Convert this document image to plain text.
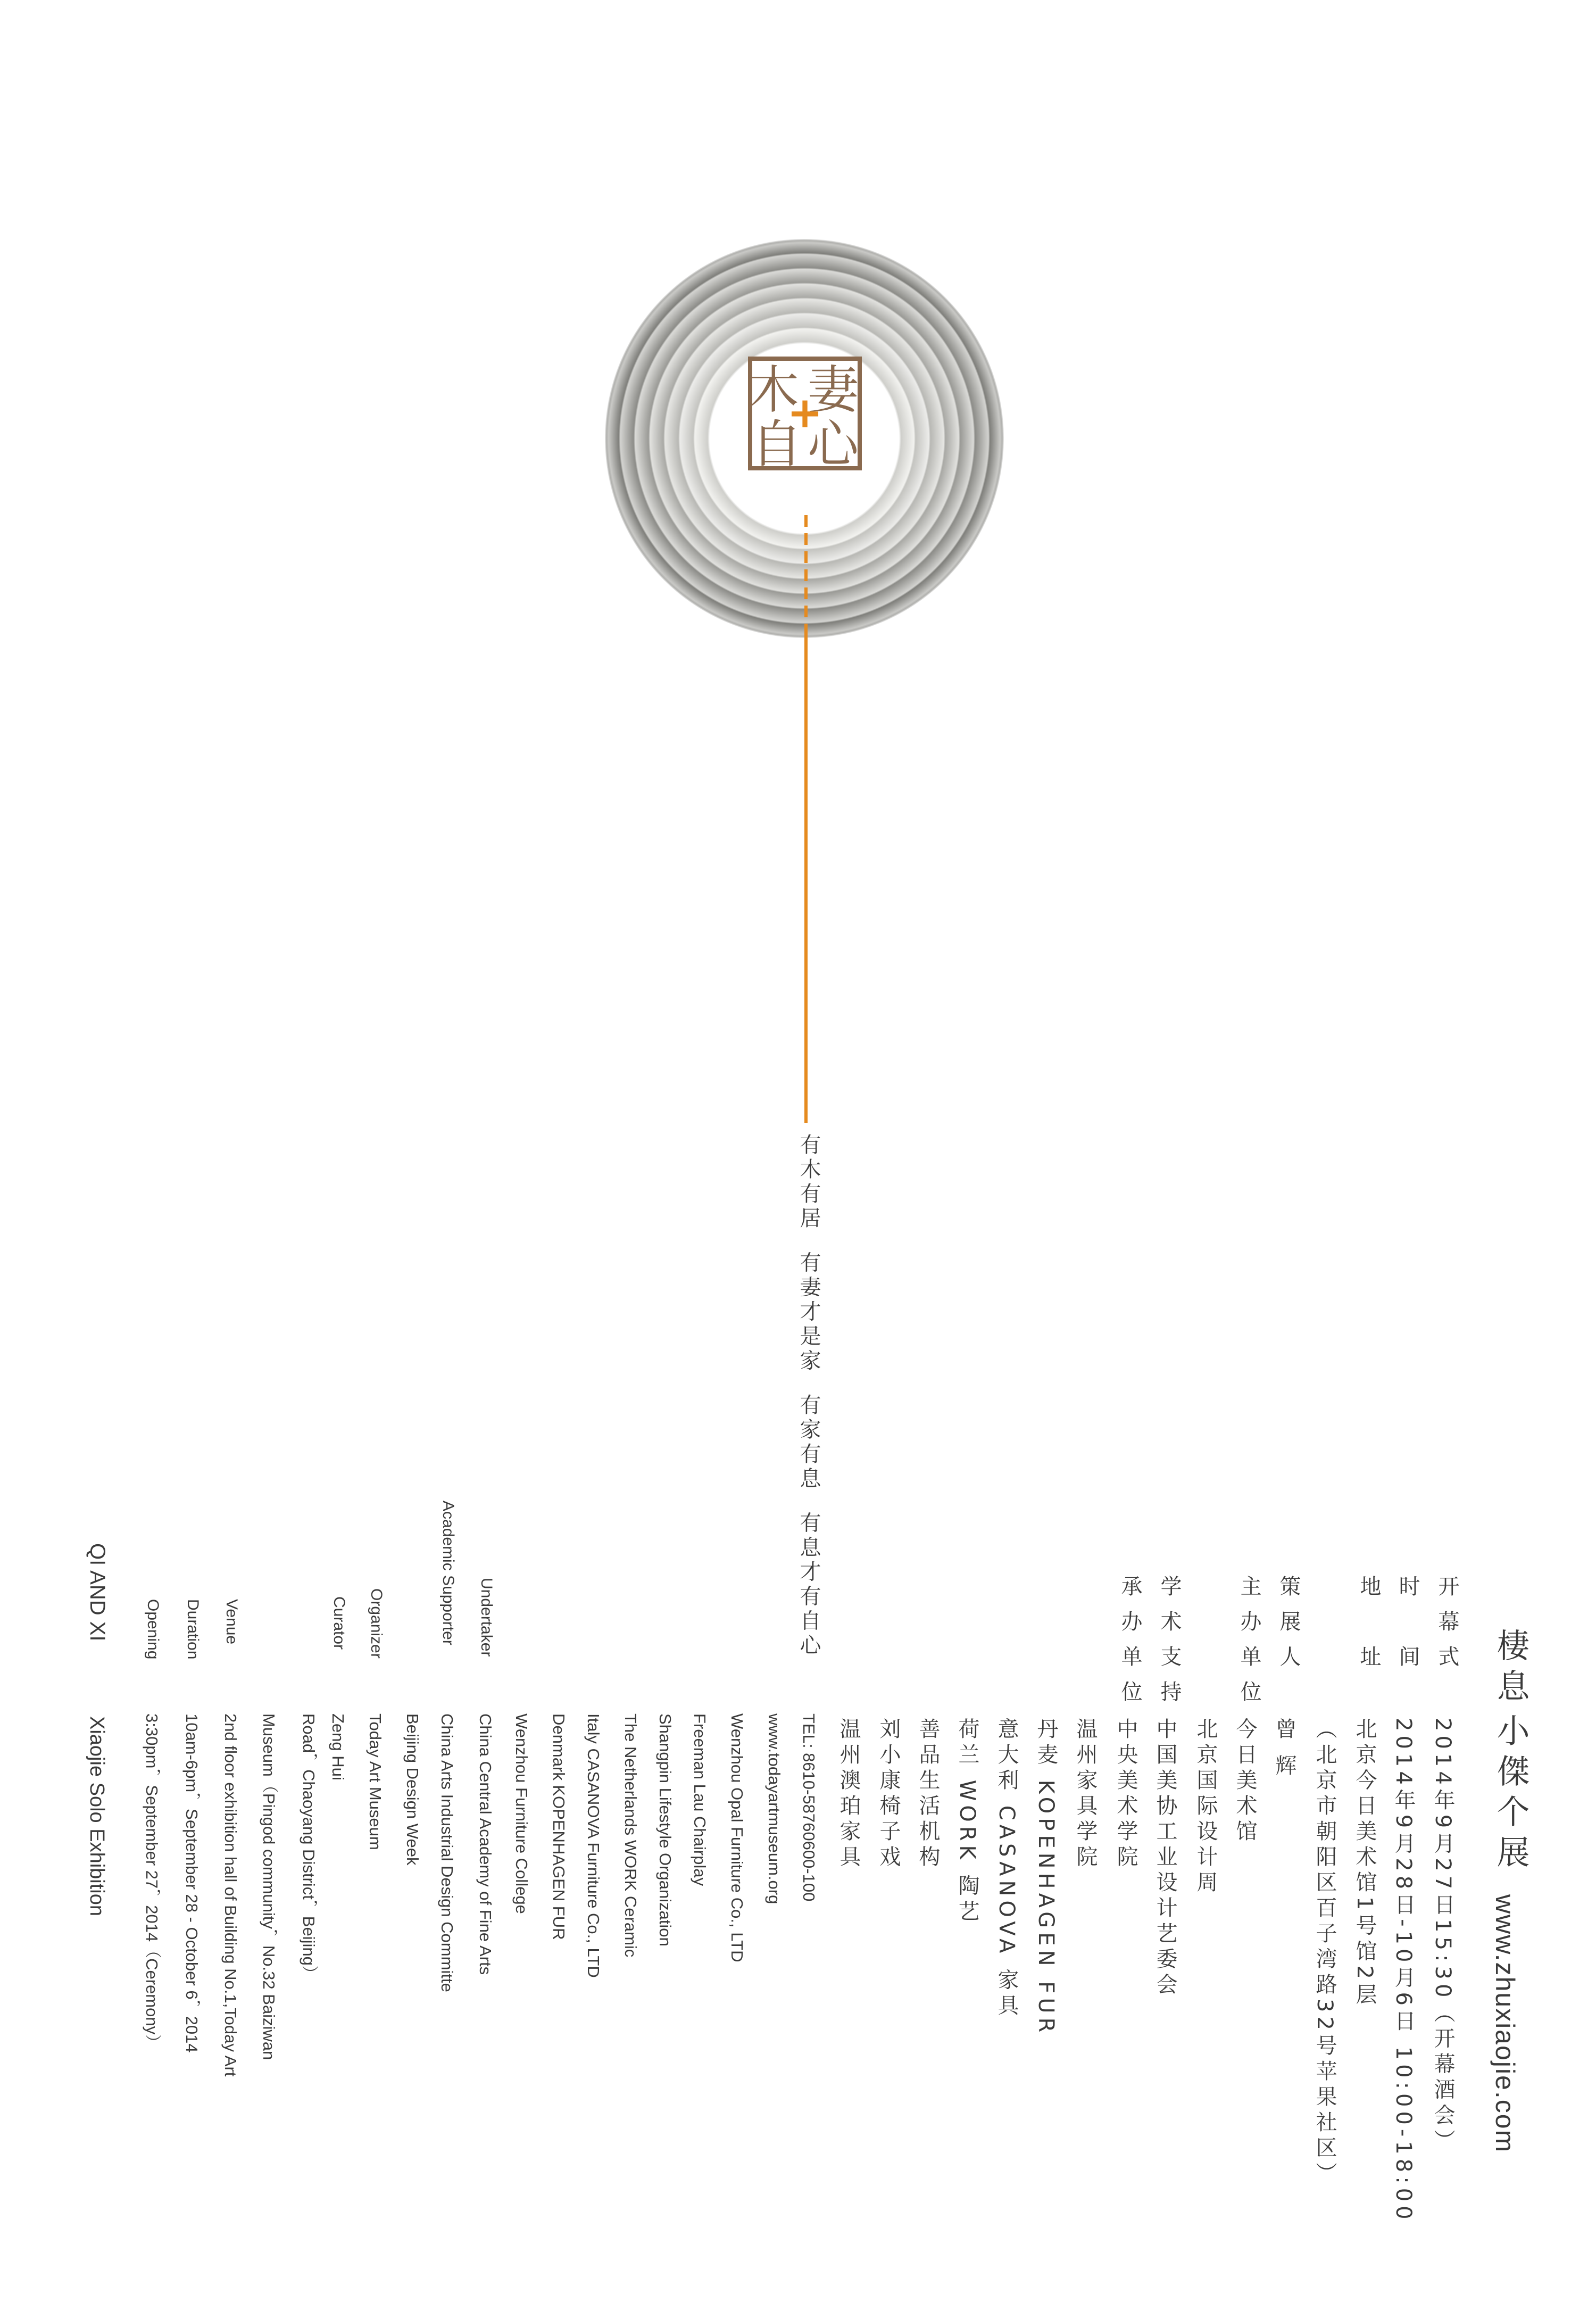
木 妻
自 心
+
有木有居  有妻才是家  有家有息  有息才有自心
棲息
小傑个展
www.zhuxiaojie.com
开幕式
时　间
地　址
策展人
主办单位
学术支持
承办单位
2014年9月27日15:30（开幕酒会）
2014年9月28日-10月6日 10:00-18:00
北京今日美术馆1号馆2层
（北京市朝阳区百子湾路32号苹果社区）
曾 辉
今日美术馆
北京国际设计周
中国美协工业设计艺委会
中央美术学院
温州家具学院
丹麦 KOPENHAGEN FUR
意大利 CASANOVA 家具
荷兰 WORK 陶艺
善品生活机构
刘小康椅子戏
温州澳珀家具
QI AND XI
Xiaojie Solo Exhibition
Opening Duration Venue	Curator Organizer	Academic Supporter Undertaker
3:30pm，September 27，2014（Ceremony） 10am-6pm，September 28 - October 6，2014 2nd floor exhibition hall of Building No.1,Today Art Museum（Pingod community，No.32 Baiziwan Road，Chaoyang District，Beijing） Zeng Hui Today Art Museum Beijing Design Week China Arts Industrial Design Committe China Central Academy of Fine Arts Wenzhou Furniture College Denmark KOPENHAGEN FUR Italy CASANOVA Furniture Co., LTD The Netherlands WORK Ceramic Shangpin Lifestyle Organization Freeman Lau Chairplay Wenzhou Opal Furniture Co., LTD www.todayartmuseum.org TEL: 8610-58760600-100
